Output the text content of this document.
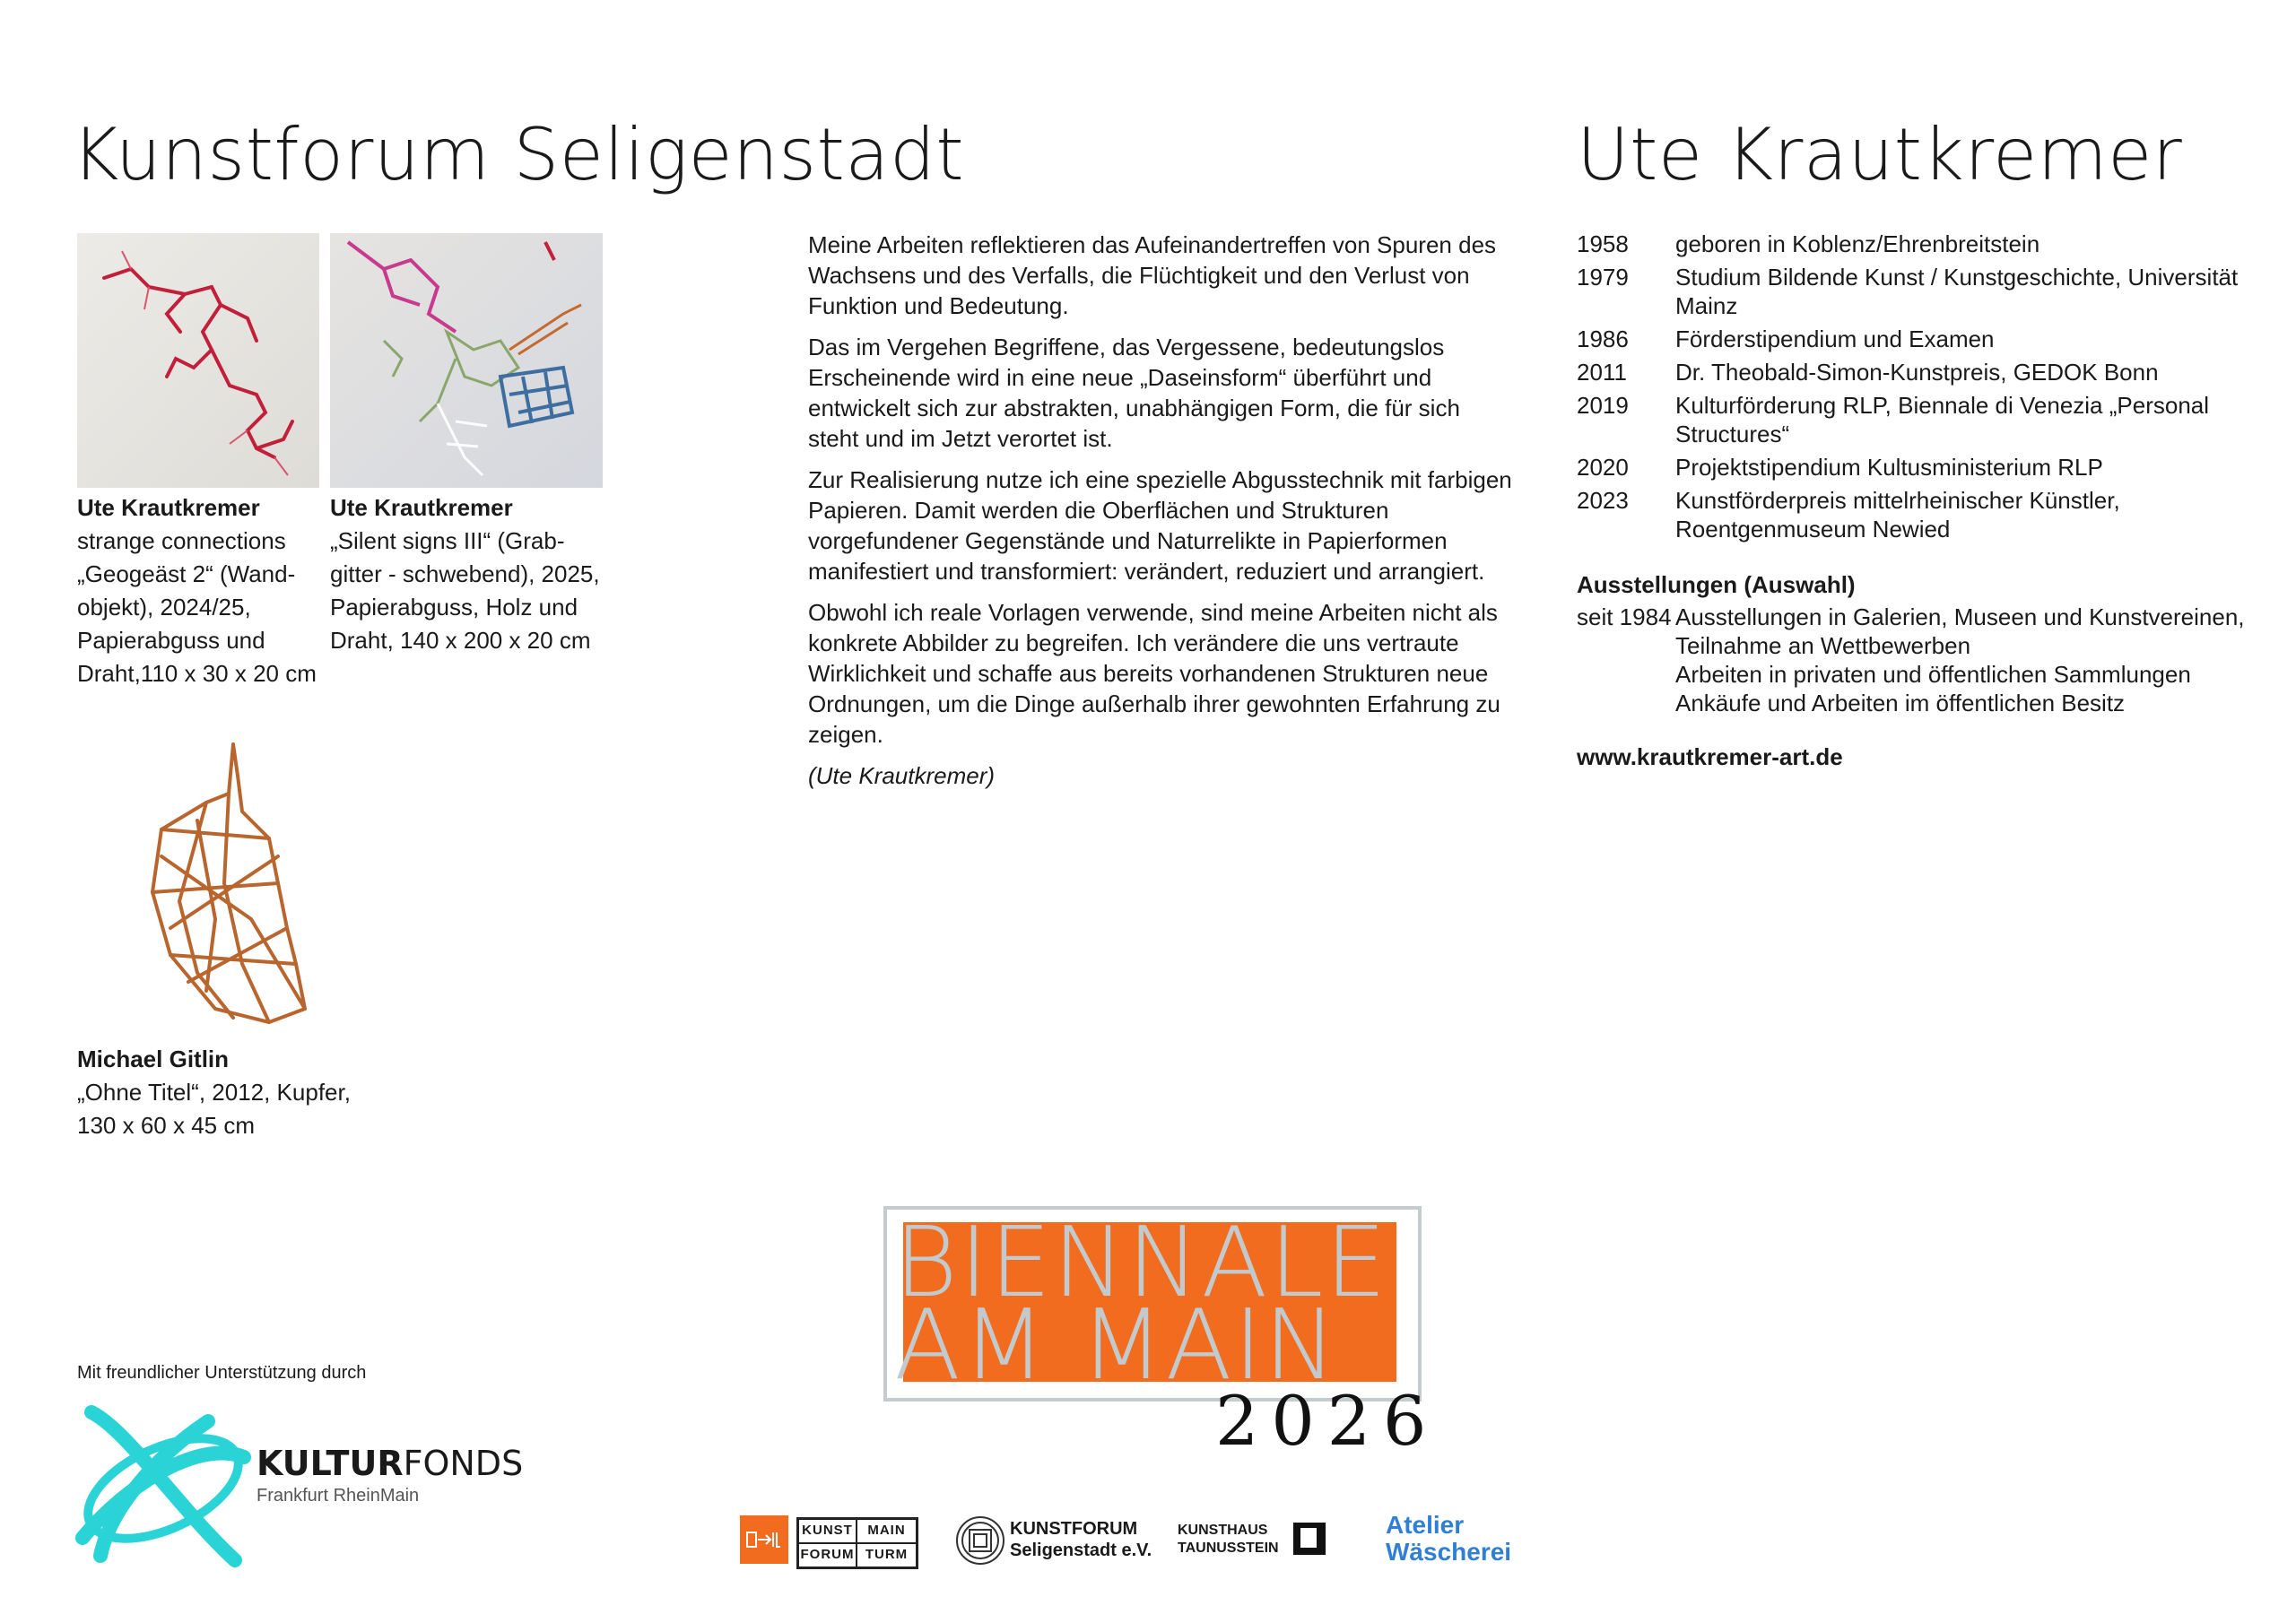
Kunstforum Seligenstadt	Ute Krautkremer
Ute Krautkremer
strange connections
„Geogeäst 2“ (Wand-
objekt), 2024/25,
Papierabguss und
Draht,110 x 30 x 20 cm
Ute Krautkremer
„Silent signs III“ (Grab-
gitter - schwebend), 2025,
Papierabguss, Holz und
Draht, 140 x 200 x 20 cm
Michael Gitlin
„Ohne Titel“, 2012, Kupfer,
130 x 60 x 45 cm

Meine Arbeiten reflektieren das Aufeinandertreffen von Spuren des Wachsens und des Verfalls, die Flüchtigkeit und den Verlust von Funktion und Bedeutung.

Das im Vergehen Begriffene, das Vergessene, bedeutungslos Erscheinende wird in eine neue „Daseinsform“ überführt und entwickelt sich zur abstrakten, unabhängigen Form, die für sich steht und im Jetzt verortet ist.

Zur Realisierung nutze ich eine spezielle Abgusstechnik mit farbigen Papieren. Damit werden die Oberflächen und Strukturen vorgefundener Gegenstände und Naturrelikte in Papierformen manifestiert und transformiert: verändert, reduziert und arrangiert.

Obwohl ich reale Vorlagen verwende, sind meine Arbeiten nicht als konkrete Abbilder zu begreifen. Ich verändere die uns vertraute Wirklichkeit und schaffe aus bereits vorhandenen Strukturen neue Ordnungen, um die Dinge außerhalb ihrer gewohnten Erfahrung zu zeigen.

(Ute Krautkremer)

1958	geboren in Koblenz/Ehrenbreitstein
1979	Studium Bildende Kunst / Kunstgeschichte, Universität Mainz
1986	Förderstipendium und Examen
2011	Dr. Theobald-Simon-Kunstpreis, GEDOK Bonn
2019	Kulturförderung RLP, Biennale di Venezia „Personal Structures“
2020	Projektstipendium Kultusministerium RLP
2023	Kunstförderpreis mittelrheinischer Künstler, Roentgenmuseum Newied
Ausstellungen (Auswahl)
seit 1984 Ausstellungen in Galerien, Museen und Kunstvereinen,
Teilnahme an Wettbewerben
Arbeiten in privaten und öffentlichen Sammlungen
Ankäufe und Arbeiten im öffentlichen Besitz
www.krautkremer-art.de
BIENNALE
AM MAIN
2026
Mit freundlicher Unterstützung durch
KULTURFONDS
Frankfurt RheinMain
KUNST	MAIN
FORUM TURM
KUNSTFORUM
Seligenstadt e.V.
KUNSTHAUS
TAUNUSSTEIN
Atelier
Wäscherei
